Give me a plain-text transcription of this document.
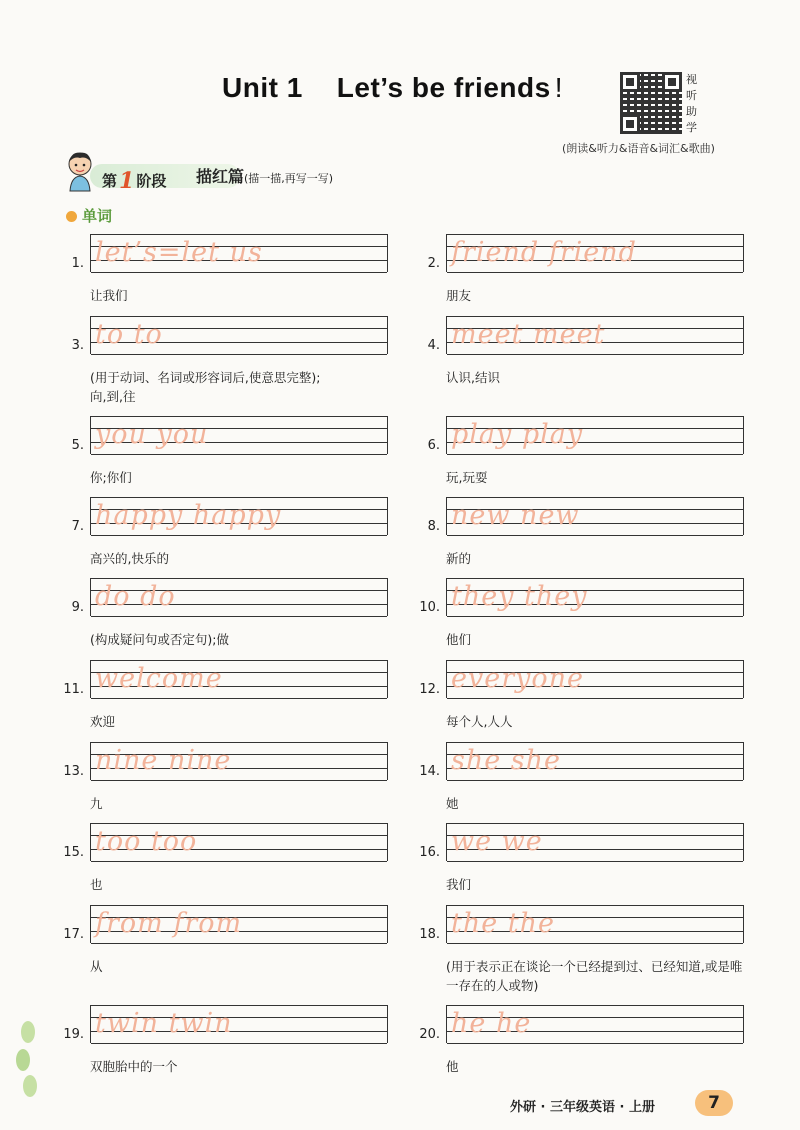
Unit 1 Let’s be friends !	视
听
助
学
(朗读&听力&语音&词汇&歌曲)
第1 阶段 描红篇(描一描,再写一写)
单词
1. let’s=let us
让我们
2. friend friend
朋友
3. to to
(用于动词、名词或形容词后,使意思完整);
向,到,往
4. meet meet
认识,结识
5. you you
你;你们
6. play play
玩,玩耍
7. happy happy
高兴的,快乐的
8. new new
新的
9. do do
(构成疑问句或否定句);做
10. they they
他们
11. welcome
欢迎
12. everyone
每个人,人人
13. nine nine
九
14. she she
她
15. too too
也
16. we we
我们
17. from from
从
18. the the
(用于表示正在谈论一个已经提到过、已经知道,或是唯一存在的人或物)
19. twin twin
双胞胎中的一个
20. he he
他
外研 · 三年级英语 · 上册	7
